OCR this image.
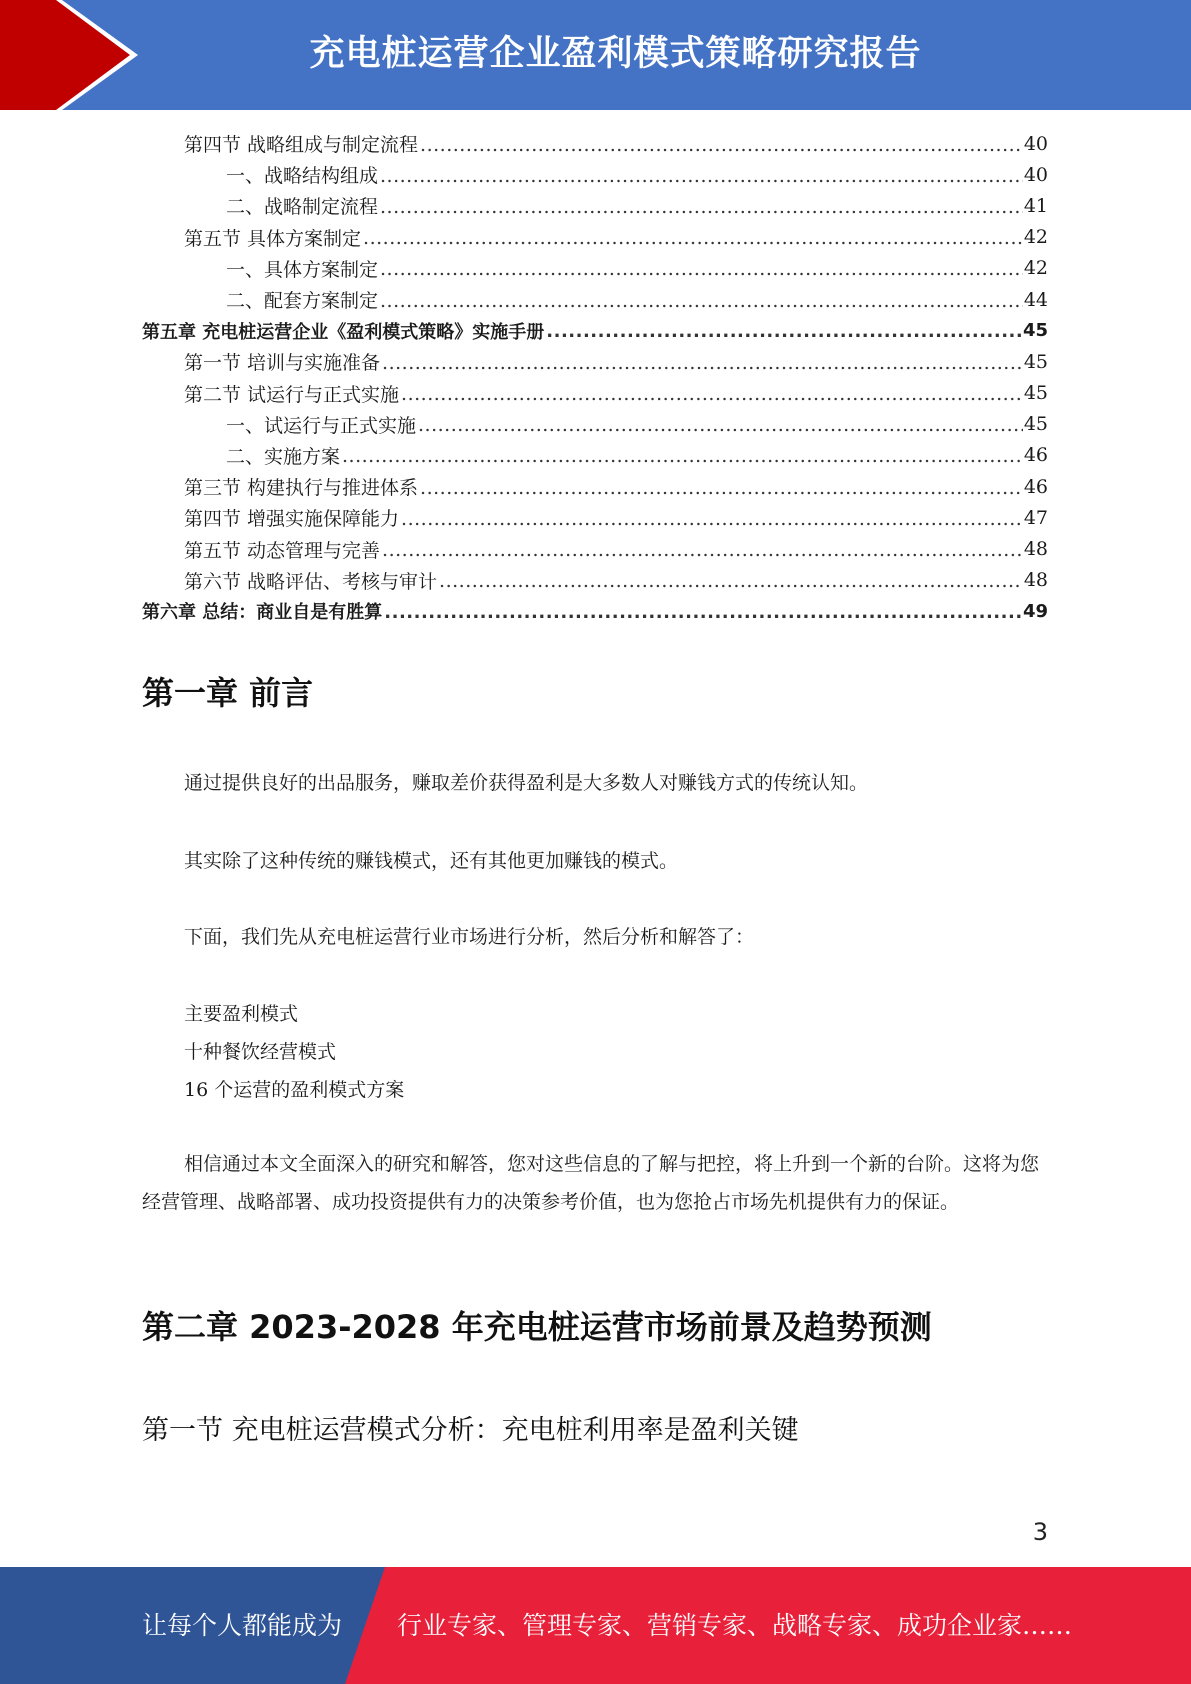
充电桩运营企业盈利模式策略研究报告
第四节 战略组成与制定流程 .....	40
一、战略结构组成 .....	40
二、战略制定流程 .....	41
第五节 具体方案制定 .....	42
一、具体方案制定 .....	42
二、配套方案制定 .....	44
第五章 充电桩运营企业《盈利模式策略》实施手册 .....	45
第一节 培训与实施准备 .....	45
第二节 试运行与正式实施 .....	45
一、试运行与正式实施 .....	45
二、实施方案 .....	46
第三节 构建执行与推进体系 .....	46
第四节 增强实施保障能力 .....	47
第五节 动态管理与完善 .....	48
第六节 战略评估、考核与审计 .....	48
第六章 总结：商业自是有胜算 .....	49
第一章 前言
通过提供良好的出品服务，赚取差价获得盈利是大多数人对赚钱方式的传统认知。
其实除了这种传统的赚钱模式，还有其他更加赚钱的模式。
下面，我们先从充电桩运营行业市场进行分析，然后分析和解答了：
主要盈利模式
十种餐饮经营模式
16 个运营的盈利模式方案
相信通过本文全面深入的研究和解答，您对这些信息的了解与把控，将上升到一个新的台阶。这将为您经营管理、战略部署、成功投资提供有力的决策参考价值，也为您抢占市场先机提供有力的保证。
第二章 2023-2028 年充电桩运营市场前景及趋势预测
第一节 充电桩运营模式分析：充电桩利用率是盈利关键
3
让每个人都能成为 行业专家、管理专家、营销专家、战略专家、成功企业家……
